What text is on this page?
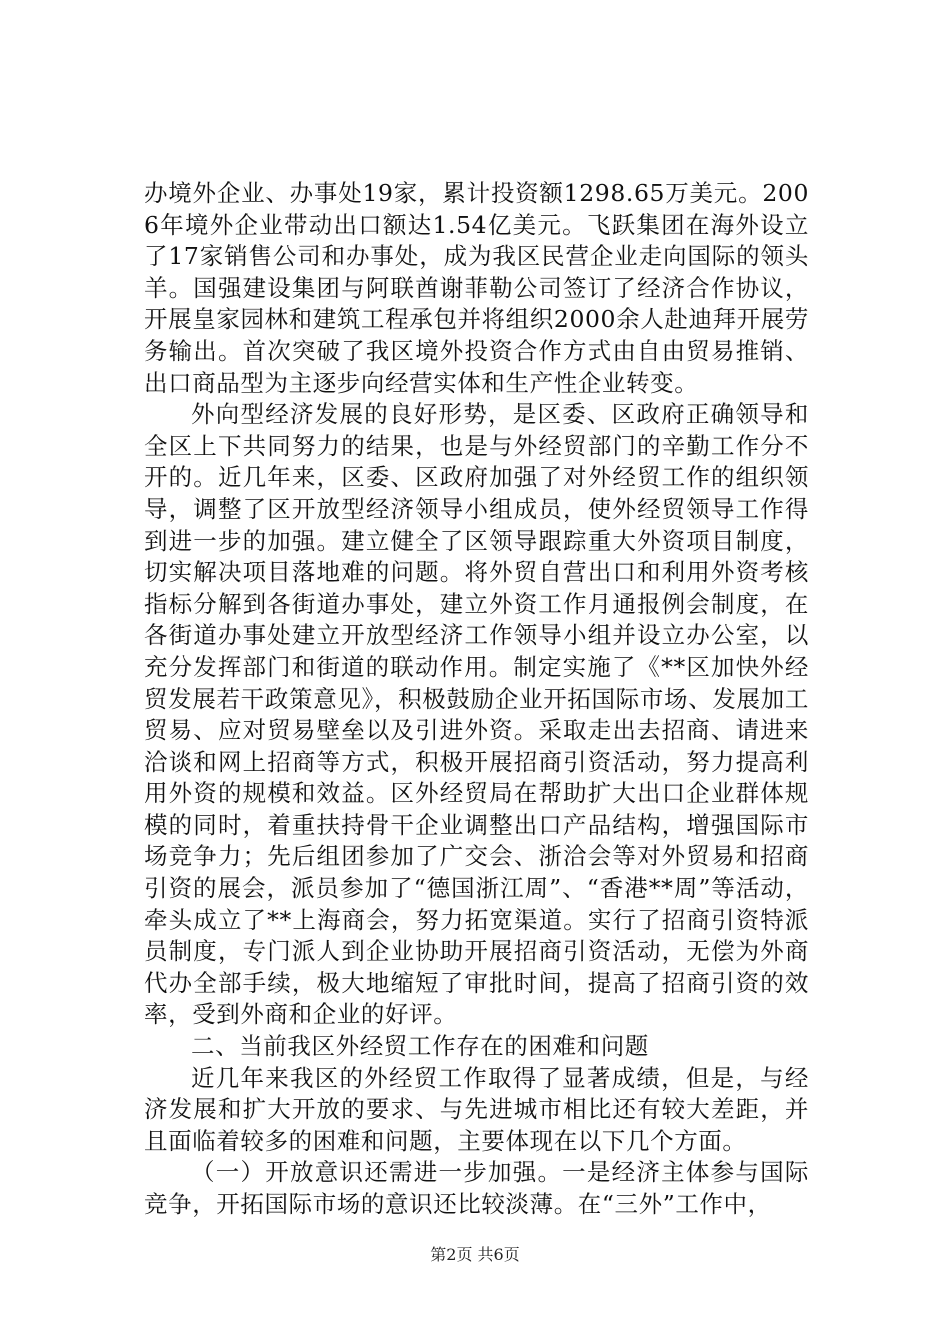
办境外企业、办事处19家，累计投资额1298.65万美元。2006年境外企业带动出口额达1.54亿美元。飞跃集团在海外设立了17家销售公司和办事处，成为我区民营企业走向国际的领头羊。国强建设集团与阿联酋谢菲勒公司签订了经济合作协议，开展皇家园林和建筑工程承包并将组织2000余人赴迪拜开展劳务输出。首次突破了我区境外投资合作方式由自由贸易推销、出口商品型为主逐步向经营实体和生产性企业转变。

外向型经济发展的良好形势，是区委、区政府正确领导和全区上下共同努力的结果，也是与外经贸部门的辛勤工作分不开的。近几年来，区委、区政府加强了对外经贸工作的组织领导，调整了区开放型经济领导小组成员，使外经贸领导工作得到进一步的加强。建立健全了区领导跟踪重大外资项目制度，切实解决项目落地难的问题。将外贸自营出口和利用外资考核指标分解到各街道办事处，建立外资工作月通报例会制度，在各街道办事处建立开放型经济工作领导小组并设立办公室，以充分发挥部门和街道的联动作用。制定实施了《**区加快外经贸发展若干政策意见》，积极鼓励企业开拓国际市场、发展加工贸易、应对贸易壁垒以及引进外资。采取走出去招商、请进来洽谈和网上招商等方式，积极开展招商引资活动，努力提高利用外资的规模和效益。区外经贸局在帮助扩大出口企业群体规模的同时，着重扶持骨干企业调整出口产品结构，增强国际市场竞争力；先后组团参加了广交会、浙洽会等对外贸易和招商引资的展会，派员参加了“德国浙江周”、“香港**周”等活动，牵头成立了**上海商会，努力拓宽渠道。实行了招商引资特派员制度，专门派人到企业协助开展招商引资活动，无偿为外商代办全部手续，极大地缩短了审批时间，提高了招商引资的效率，受到外商和企业的好评。

二、当前我区外经贸工作存在的困难和问题

近几年来我区的外经贸工作取得了显著成绩，但是，与经济发展和扩大开放的要求、与先进城市相比还有较大差距，并且面临着较多的困难和问题，主要体现在以下几个方面。

（一）开放意识还需进一步加强。一是经济主体参与国际竞争，开拓国际市场的意识还比较淡薄。在“三外”工作中，

第2页 共6页
